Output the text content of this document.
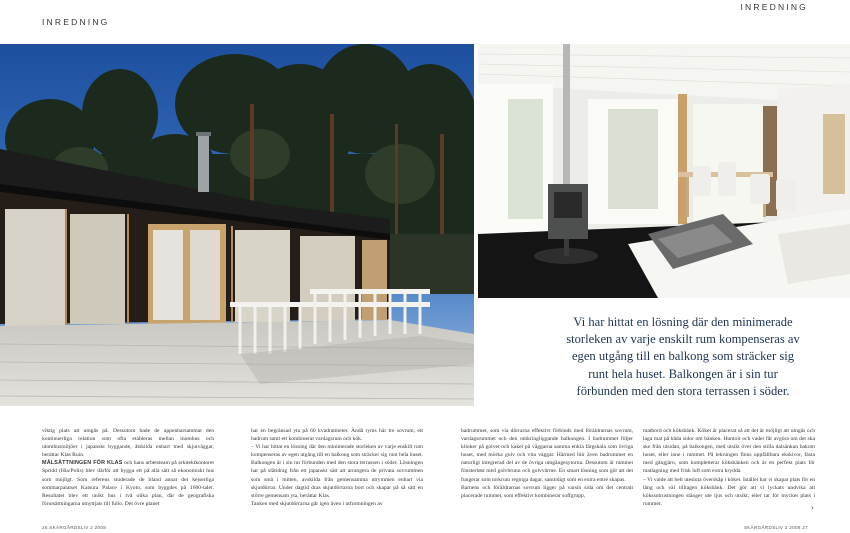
INREDNING
INREDNING
Vi har hittat en lösning där den minimerade storleken av varje enskilt rum kompenseras av egen utgång till en balkong som sträcker sig runt hela huset. Balkongen är i sin tur förbunden med den stora terrassen i söder.

viktig plats att umgås på. Dessutom hade de uppenbarsammat den kontinuerliga relation som ofta etableras mellan inomhus och utomhusmiljöer i japanskt byggande, åtskilda enbart med skjutväggar, berättar Klas Ruin.

MÅLSÄTTNINGEN FÖR KLAS och hans arbetsteam på arkitektkontoret Spridd (Hla/Polis) blev därför att bygga ett på alla sätt så ekonomiskt hus som möjligt. Som referens studerade de bland annat det kejserliga sommarpalatset Katsura Palace i Kyoto, som byggdes på 1600-talet. Resultatet blev ett unikt hus i två olika plan, där de geografiska förutsättningarna utnyttjats till fullo. Det övre planet

har en begränsad yta på 60 kvadratmeter. Ändå ryms här tre sovrum, ett badrum samt ett kombinerat vardagsrum och kök.

– Vi har hittat en lösning där den minimerade storleken av varje enskilt rum kompenseras av egen utgång till en balkong som sträcker sig runt hela huset. Balkongen är i sin tur förbunden med den stora terrassen i söder. Lösningen har på slätidrag från ett japanskt sätt att arrangera de privata sovrummen som små i mitten, avskilda från gemensamma utrymmen enbart via skjutdörrar. Under dagtid dras skjutdörrarna bort och skapar på så sätt en större gemensam yta, berättar Klas.

Tanken med skjutdörrarna går igen även i utformningen av

badrummet, som via dörrarna effektivt förbinds med föräldrarnas sovrum, vardagsrummet och den omkringliggande balkongen. I badrummet följer klinker på golvet och kakel på väggarna samma enkla färgskala som övriga huset, med mörka golv och vita väggar. Härmed blir även badrummet en naturligt integrerad del av de övriga umgängesytorna. Dessutom är rummet fönsterløst med golvbrunn och golvvärme. En smart lösning som gör att det fungerar som torkrum regniga dagar, samtidigt som en extra entré skapas.

Barnens och föräldrarnas sovrum ligger på varsin sida om det centralt placerade rummet, som effektivt kombinerar soffgrupp,

matbord och köksbänk. Köket är placerat så att det är möjligt att umgås och laga mat på båda sidor om bänken. Humoir och vader får avgöra om det ska ske från utsidan, på balkongen, med utsikt över den stilla dalsänkan bakom huset, eller inne i rummet. På lekrungen finns uppfällbara ekskivor, fästa med gångjärn, som kompletterar köksbänken och är en perfekt plats för matlagning med frisk luft som extra krydda.

– Vi valde att helt utesluta överskåp i köket. Istället har vi skapat plats för en lång och väl tilltagen köksbänk. Det gör att vi lyckats undvika att kökssutrustningen stänger ute ljus och utsikt, eller tar för mycket plats i rummet.

›
26 SKÄRGÅRDSLIV 2 2008	SKÄRGÅRDSLIV 2 2008 27
